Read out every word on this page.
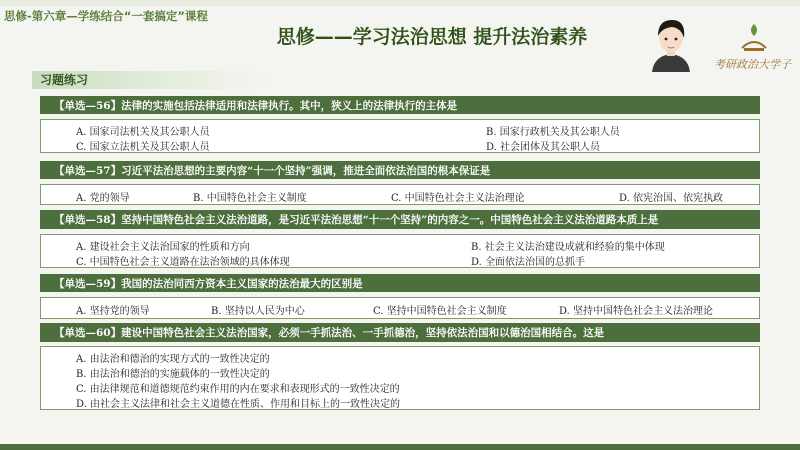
思修-第六章—学练结合“一套搞定”课程
思修——学习法治思想 提升法治素养
考研政治大学子
习题练习
【单选—56】法律的实施包括法律适用和法律执行。其中，狭义上的法律执行的主体是
A. 国家司法机关及其公职人员	B. 国家行政机关及其公职人员
C. 国家立法机关及其公职人员	D. 社会团体及其公职人员
【单选—57】习近平法治思想的主要内容“十一个坚持”强调，推进全面依法治国的根本保证是
A. 党的领导	B. 中国特色社会主义制度	C. 中国特色社会主义法治理论	D. 依宪治国、依宪执政
【单选—58】坚持中国特色社会主义法治道路，是习近平法治思想“十一个坚持”的内容之一。中国特色社会主义法治道路本质上是
A. 建设社会主义法治国家的性质和方向	B. 社会主义法治建设成就和经验的集中体现
C. 中国特色社会主义道路在法治领域的具体体现	D. 全面依法治国的总抓手
【单选—59】我国的法治同西方资本主义国家的法治最大的区别是
A. 坚持党的领导	B. 坚持以人民为中心	C. 坚持中国特色社会主义制度	D. 坚持中国特色社会主义法治理论
【单选—60】建设中国特色社会主义法治国家，必须一手抓法治、一手抓德治，坚持依法治国和以德治国相结合。这是
A. 由法治和德治的实现方式的一致性决定的
B. 由法治和德治的实施载体的一致性决定的
C. 由法律规范和道德规范约束作用的内在要求和表现形式的一致性决定的
D. 由社会主义法律和社会主义道德在性质、作用和目标上的一致性决定的
